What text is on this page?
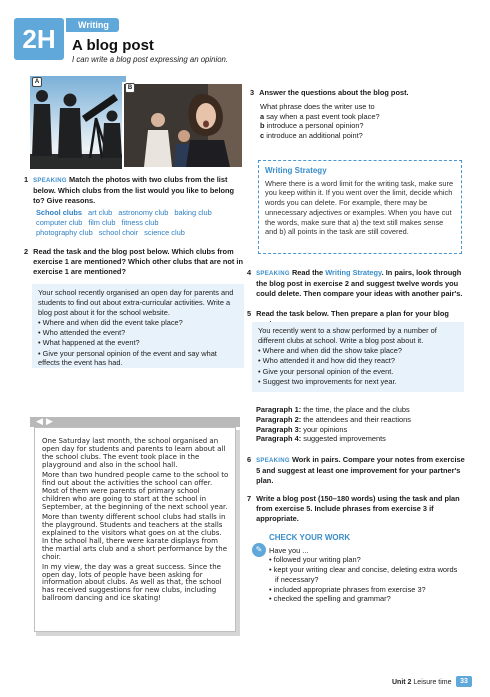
2H	Writing
A blog post
I can write a blog post expressing an opinion.
A
B
1 SPEAKING Match the photos with two clubs from the list below. Which clubs from the list would you like to belong to? Give reasons.
School clubs art club astronomy club baking club
computer club film club fitness club
photography club school choir science club
2 Read the task and the blog post below. Which clubs from exercise 1 are mentioned? Which other clubs that are not in exercise 1 are mentioned?

Your school recently organised an open day for parents and students to find out about extra-curricular activities. Write a blog post about it for the school website.

• Where and when did the event take place?

• Who attended the event?

• What happened at the event?

• Give your personal opinion of the event and say what effects the event has had.

◀ ▶

One Saturday last month, the school organised an open day for students and parents to learn about all the school clubs. The event took place in the playground and also in the school hall.

More than two hundred people came to the school to find out about the activities the school can offer. Most of them were parents of primary school children who are going to start at the school in September, at the beginning of the next school year.

More than twenty different school clubs had stalls in the playground. Students and teachers at the stalls explained to the visitors what goes on at the clubs. In the school hall, there were karate displays from the martial arts club and a short performance by the choir.

In my view, the day was a great success. Since the open day, lots of people have been asking for information about clubs. As well as that, the school has received suggestions for new clubs, including ballroom dancing and ice skating!

3 Answer the questions about the blog post.
What phrase does the writer use to
a say when a past event took place?
b introduce a personal opinion?
c introduce an additional point?
Writing Strategy
Where there is a word limit for the writing task, make sure you keep within it. If you went over the limit, decide which words you can delete. For example, there may be unnecessary adjectives or examples. When you have cut the words, make sure that a) the text still makes sense and b) all points in the task are still covered.
4 SPEAKING Read the Writing Strategy. In pairs, look through the blog post in exercise 2 and suggest twelve words you could delete. Then compare your ideas with another pair's.
5 Read the task below. Then prepare a plan for your blog

You recently went to a show performed by a number of different clubs at school. Write a blog post about it.

• Where and when did the show take place?

• Who attended it and how did they react?

• Give your personal opinion of the event.

• Suggest two improvements for next year.

Paragraph 1: the time, the place and the clubs
Paragraph 2: the attendees and their reactions
Paragraph 3: your opinions
Paragraph 4: suggested improvements
6 SPEAKING Work in pairs. Compare your notes from exercise 5 and suggest at least one improvement for your partner's plan.
7 Write a blog post (150–180 words) using the task and plan from exercise 5. Include phrases from exercise 3 if appropriate.
✎
CHECK YOUR WORK
Have you ...
• followed your writing plan?
• kept your writing clear and concise, deleting extra words if necessary?
• included appropriate phrases from exercise 3?
• checked the spelling and grammar?
Unit 2 Leisure time	33
